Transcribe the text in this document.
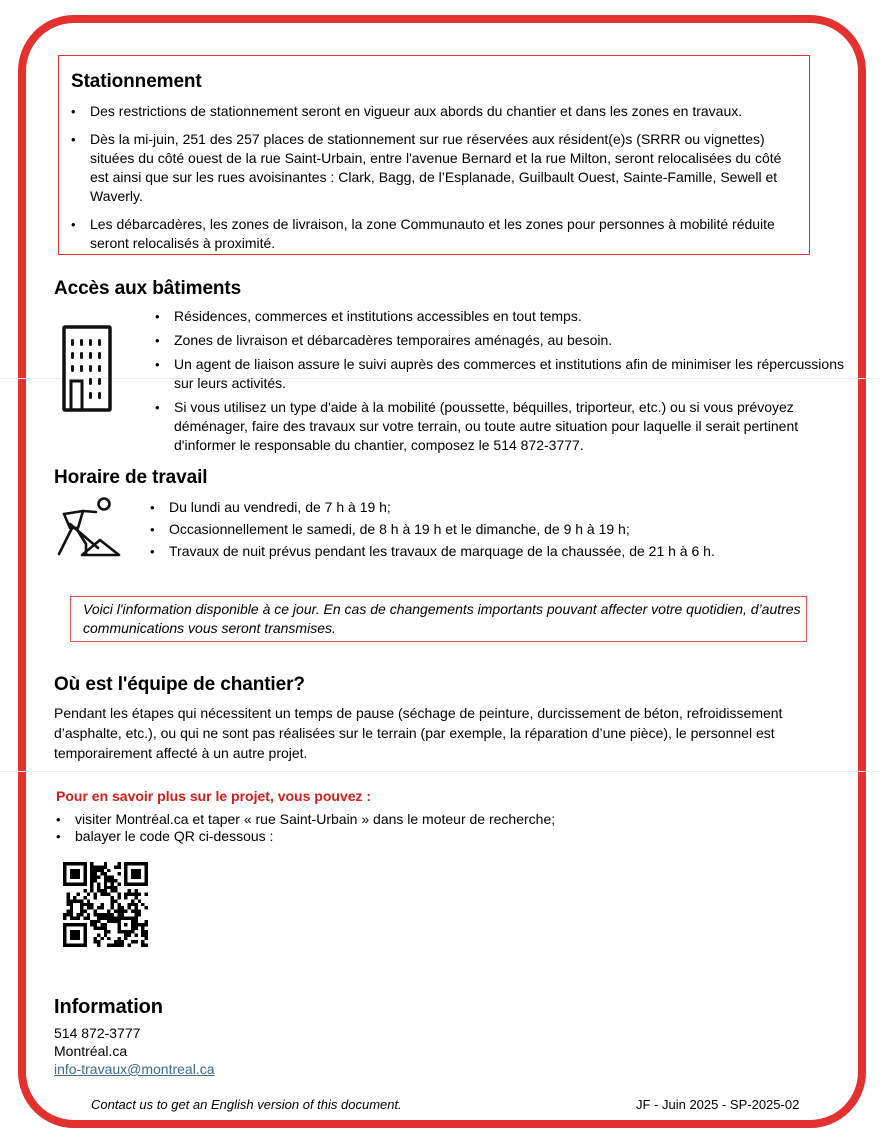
Stationnement
• Des restrictions de stationnement seront en vigueur aux abords du chantier et dans les zones en travaux.
• Dès la mi-juin, 251 des 257 places de stationnement sur rue réservées aux résident(e)s (SRRR ou vignettes) situées du côté ouest de la rue Saint-Urbain, entre l'avenue Bernard et la rue Milton, seront relocalisées du côté est ainsi que sur les rues avoisinantes : Clark, Bagg, de l’Esplanade, Guilbault Ouest, Sainte-Famille, Sewell et Waverly.
• Les débarcadères, les zones de livraison, la zone Communauto et les zones pour personnes à mobilité réduite seront relocalisés à proximité.
Accès aux bâtiments
• Résidences, commerces et institutions accessibles en tout temps.
• Zones de livraison et débarcadères temporaires aménagés, au besoin.
• Un agent de liaison assure le suivi auprès des commerces et institutions afin de minimiser les répercussions sur leurs activités.
• Si vous utilisez un type d'aide à la mobilité (poussette, béquilles, triporteur, etc.) ou si vous prévoyez déménager, faire des travaux sur votre terrain, ou toute autre situation pour laquelle il serait pertinent d'informer le responsable du chantier, composez le 514 872-3777.
Horaire de travail
• Du lundi au vendredi, de 7 h à 19 h;
• Occasionnellement le samedi, de 8 h à 19 h et le dimanche, de 9 h à 19 h;
• Travaux de nuit prévus pendant les travaux de marquage de la chaussée, de 21 h à 6 h.
Voici l'information disponible à ce jour. En cas de changements importants pouvant affecter votre quotidien, d’autres communications vous seront transmises.
Où est l'équipe de chantier?
Pendant les étapes qui nécessitent un temps de pause (séchage de peinture, durcissement de béton, refroidissement d’asphalte, etc.), ou qui ne sont pas réalisées sur le terrain (par exemple, la réparation d’une pièce), le personnel est temporairement affecté à un autre projet.
Pour en savoir plus sur le projet, vous pouvez :
• visiter Montréal.ca et taper « rue Saint-Urbain » dans le moteur de recherche;
• balayer le code QR ci-dessous :
Information
514 872-3777
Montréal.ca
info-travaux@montreal.ca
Contact us to get an English version of this document.	JF - Juin 2025 - SP-2025-02
